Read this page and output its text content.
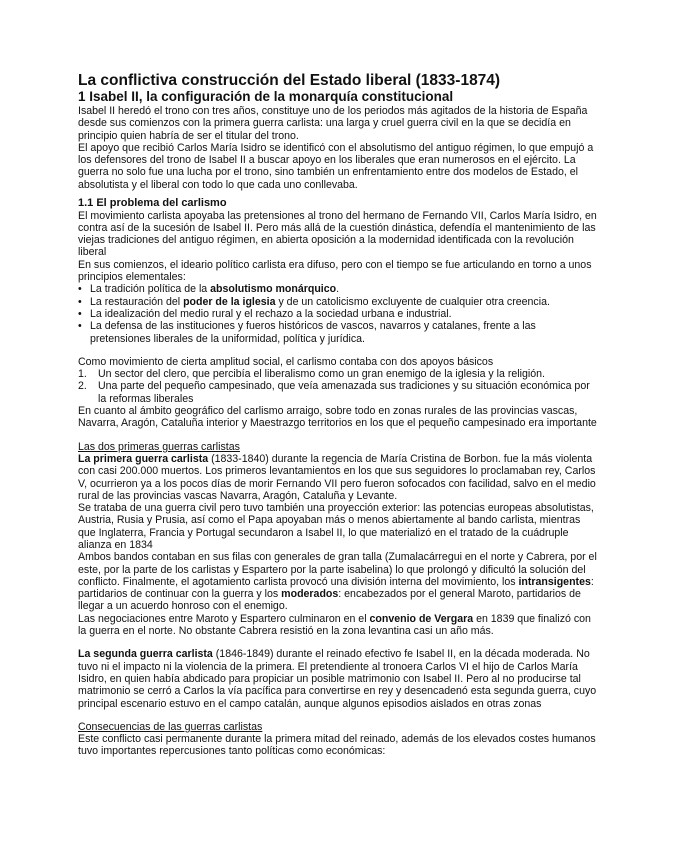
La conflictiva construcción del Estado liberal (1833-1874)
1 Isabel II, la configuración de la monarquía constitucional

Isabel II heredó el trono con tres años, constituye uno de los periodos más agitados de la historia de España desde sus comienzos con la primera guerra carlista: una larga y cruel guerra civil en la que se decidía en principio quien habría de ser el titular del trono.

El apoyo que recibió Carlos María Isidro se identificó con el absolutismo del antiguo régimen, lo que empujó a los defensores del trono de Isabel II a buscar apoyo en los liberales que eran numerosos en el ejército. La guerra no solo fue una lucha por el trono, sino también un enfrentamiento entre dos modelos de Estado, el absolutista y el liberal con todo lo que cada uno conllevaba.

1.1 El problema del carlismo

El movimiento carlista apoyaba las pretensiones al trono del hermano de Fernando VII, Carlos María Isidro, en contra así de la sucesión de Isabel II. Pero más allá de la cuestión dinástica, defendía el mantenimiento de las viejas tradiciones del antiguo régimen, en abierta oposición a la modernidad identificada con la revolución liberal

En sus comienzos, el ideario político carlista era difuso, pero con el tiempo se fue articulando en torno a unos principios elementales:

• La tradición política de la absolutismo monárquico.
• La restauración del poder de la iglesia y de un catolicismo excluyente de cualquier otra creencia.
• La idealización del medio rural y el rechazo a la sociedad urbana e industrial.
• La defensa de las instituciones y fueros históricos de vascos, navarros y catalanes, frente a las pretensiones liberales de la uniformidad, política y jurídica.

Como movimiento de cierta amplitud social, el carlismo contaba con dos apoyos básicos

1. Un sector del clero, que percibía el liberalismo como un gran enemigo de la iglesia y la religión.
2. Una parte del pequeño campesinado, que veía amenazada sus tradiciones y su situación económica por la reformas liberales

En cuanto al ámbito geográfico del carlismo arraigo, sobre todo en zonas rurales de las provincias vascas, Navarra, Aragón, Cataluña interior y Maestrazgo territorios en los que el pequeño campesinado era importante

Las dos primeras guerras carlistas

La primera guerra carlista (1833-1840) durante la regencia de María Cristina de Borbon. fue la más violenta con casi 200.000 muertos. Los primeros levantamientos en los que sus seguidores lo proclamaban rey, Carlos V, ocurrieron ya a los pocos días de morir Fernando VII pero fueron sofocados con facilidad, salvo en el medio rural de las provincias vascas Navarra, Aragón, Cataluña y Levante.

Se trataba de una guerra civil pero tuvo también una proyección exterior: las potencias europeas absolutistas, Austria, Rusia y Prusia, así como el Papa apoyaban más o menos abiertamente al bando carlista, mientras que Inglaterra, Francia y Portugal secundaron a Isabel II, lo que materializó en el tratado de la cuádruple alianza en 1834

Ambos bandos contaban en sus filas con generales de gran talla (Zumalacárregui en el norte y Cabrera, por el este, por la parte de los carlistas y Espartero por la parte isabelina) lo que prolongó y dificultó la solución del conflicto. Finalmente, el agotamiento carlista provocó una división interna del movimiento, los intransigentes: partidarios de continuar con la guerra y los moderados: encabezados por el general Maroto, partidarios de llegar a un acuerdo honroso con el enemigo.

Las negociaciones entre Maroto y Espartero culminaron en el convenio de Vergara en 1839 que finalizó con la guerra en el norte. No obstante Cabrera resistió en la zona levantina casi un año más.

La segunda guerra carlista (1846-1849) durante el reinado efectivo fe Isabel II, en la década moderada. No tuvo ni el impacto ni la violencia de la primera. El pretendiente al tronoera Carlos VI el hijo de Carlos María Isidro, en quien había abdicado para propiciar un posible matrimonio con Isabel II. Pero al no producirse tal matrimonio se cerró a Carlos la vía pacífica para convertirse en rey y desencadenó esta segunda guerra, cuyo principal escenario estuvo en el campo catalán, aunque algunos episodios aislados en otras zonas

Consecuencias de las guerras carlistas

Este conflicto casi permanente durante la primera mitad del reinado, además de los elevados costes humanos tuvo importantes repercusiones tanto políticas como económicas:
